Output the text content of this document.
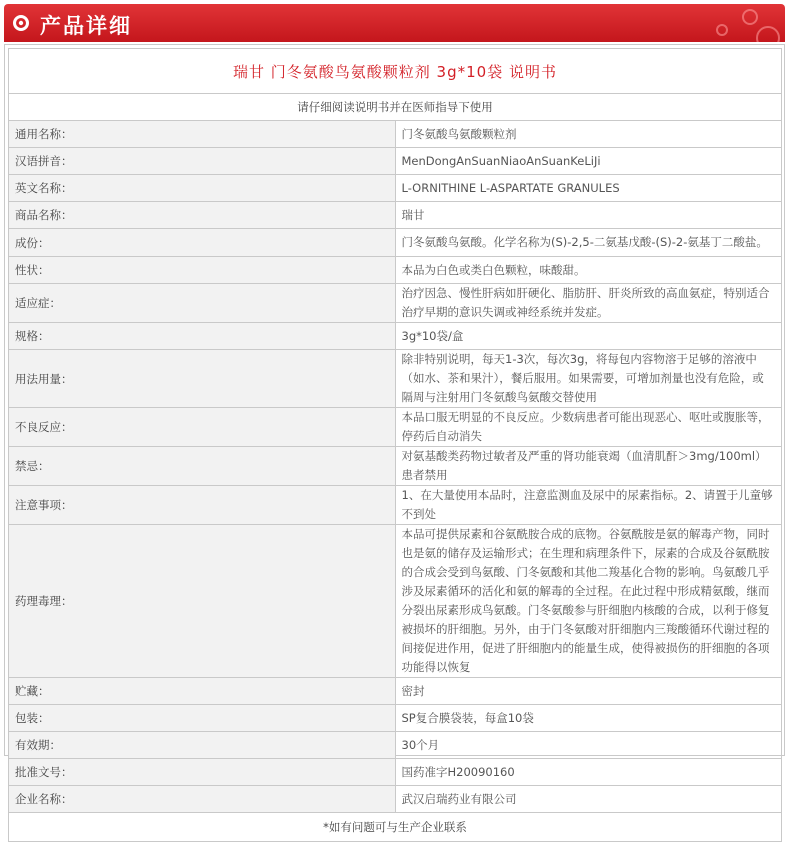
产品详细
瑞甘 门冬氨酸鸟氨酸颗粒剂 3g*10袋 说明书	
请仔细阅读说明书并在医师指导下使用	
通用名称：	门冬氨酸鸟氨酸颗粒剂
汉语拼音：	MenDongAnSuanNiaoAnSuanKeLiJi
英文名称：	L-ORNITHINE L-ASPARTATE GRANULES
商品名称：	瑞甘
成份：	门冬氨酸鸟氨酸。化学名称为(S)-2,5-二氨基戊酸-(S)-2-氨基丁二酸盐。
性状：	本品为白色或类白色颗粒，味酸甜。
适应症：	治疗因急、慢性肝病如肝硬化、脂肪肝、肝炎所致的高血氨症，特别适合治疗早期的意识失调或神经系统并发症。
规格：	3g*10袋/盒
用法用量：	除非特别说明，每天1-3次，每次3g，将每包内容物溶于足够的溶液中（如水、茶和果汁），餐后服用。如果需要，可增加剂量也没有危险，或隔周与注射用门冬氨酸鸟氨酸交替使用
不良反应：	本品口服无明显的不良反应。少数病患者可能出现恶心、呕吐或腹胀等，停药后自动消失
禁忌：	对氨基酸类药物过敏者及严重的肾功能衰竭（血清肌酐＞3mg/100ml）患者禁用
注意事项：	1、在大量使用本品时，注意监测血及尿中的尿素指标。2、请置于儿童够不到处
药理毒理：	本品可提供尿素和谷氨酰胺合成的底物。谷氨酰胺是氨的解毒产物，同时也是氨的储存及运输形式；在生理和病理条件下，尿素的合成及谷氨酰胺的合成会受到鸟氨酸、门冬氨酸和其他二羧基化合物的影响。鸟氨酸几乎涉及尿素循环的活化和氨的解毒的全过程。在此过程中形成精氨酸，继而分裂出尿素形成鸟氨酸。门冬氨酸参与肝细胞内核酸的合成，以利于修复被损坏的肝细胞。另外，由于门冬氨酸对肝细胞内三羧酸循环代谢过程的间接促进作用，促进了肝细胞内的能量生成，使得被损伤的肝细胞的各项功能得以恢复
贮藏：	密封
包装：	SP复合膜袋装，每盒10袋
有效期：	30个月
批准文号：	国药准字H20090160
企业名称：	武汉启瑞药业有限公司
*如有问题可与生产企业联系	
